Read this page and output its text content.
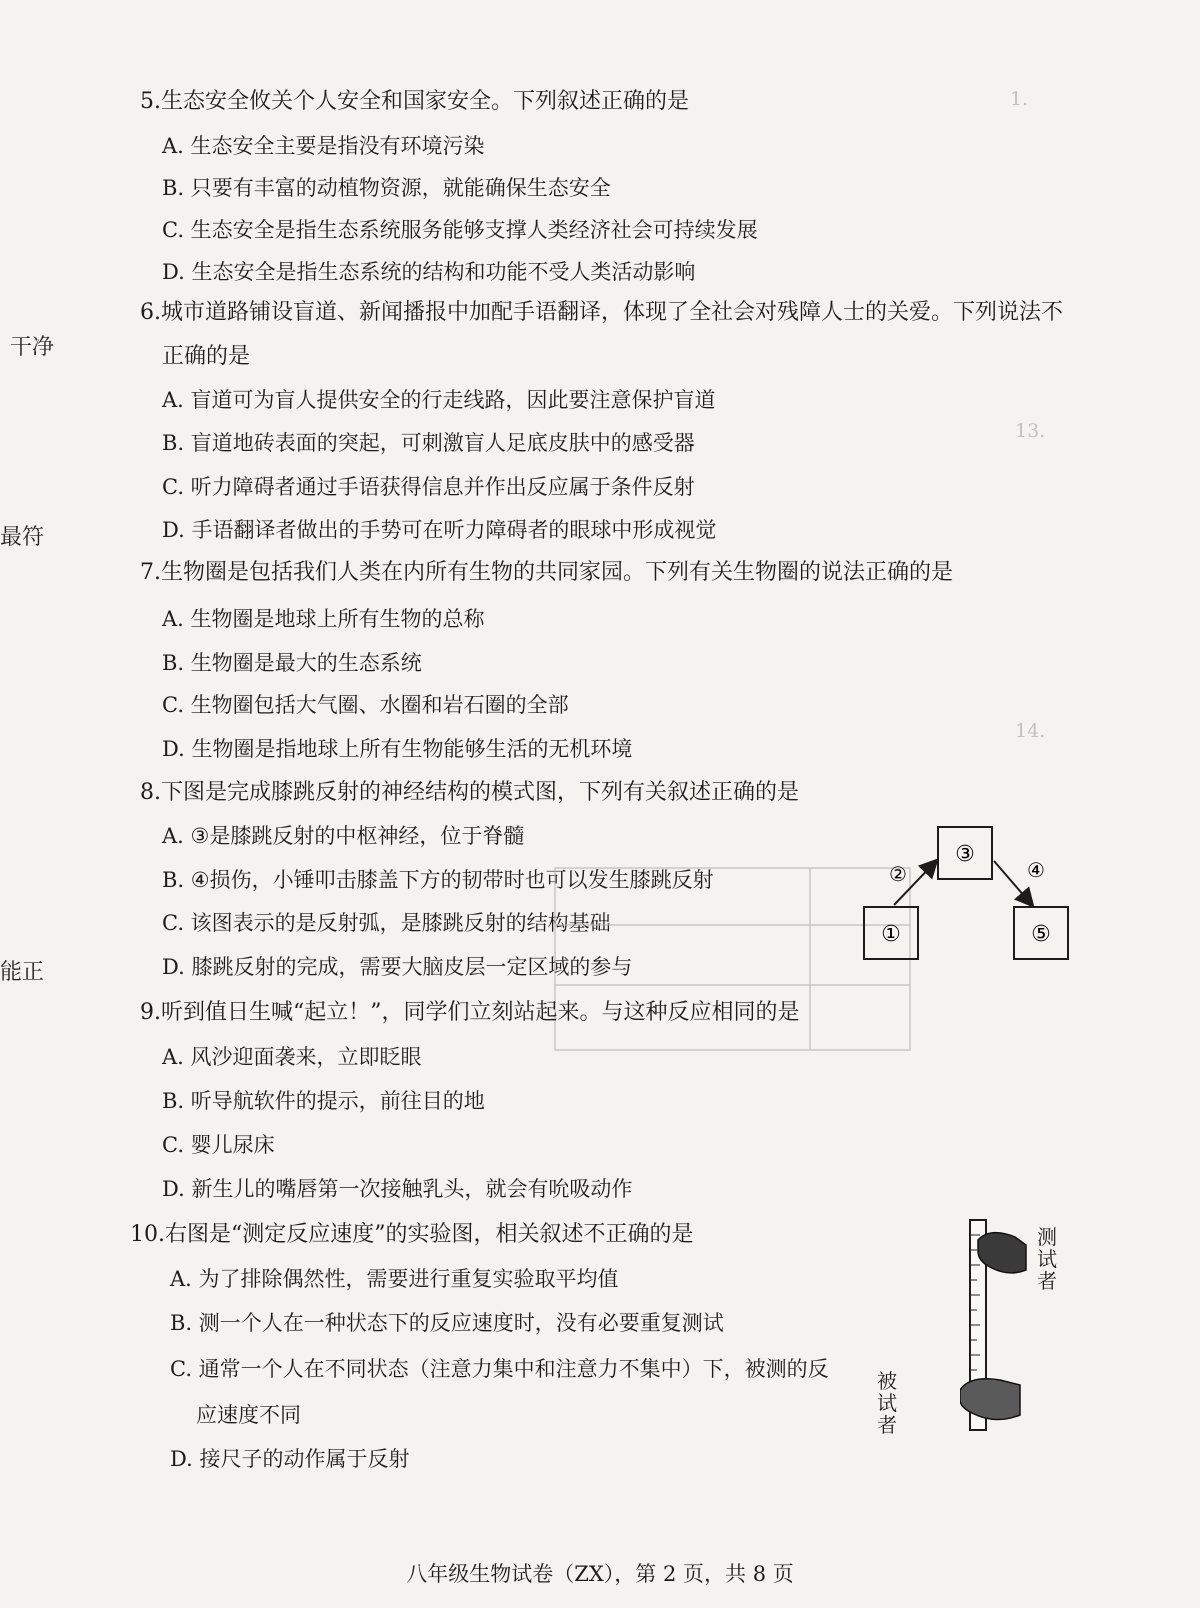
1.
13.
14.
干净
最符
能正
5.生态安全攸关个人安全和国家安全。下列叙述正确的是
A. 生态安全主要是指没有环境污染
B. 只要有丰富的动植物资源，就能确保生态安全
C. 生态安全是指生态系统服务能够支撑人类经济社会可持续发展
D. 生态安全是指生态系统的结构和功能不受人类活动影响
6.城市道路铺设盲道、新闻播报中加配手语翻译，体现了全社会对残障人士的关爱。下列说法不
正确的是
A. 盲道可为盲人提供安全的行走线路，因此要注意保护盲道
B. 盲道地砖表面的突起，可刺激盲人足底皮肤中的感受器
C. 听力障碍者通过手语获得信息并作出反应属于条件反射
D. 手语翻译者做出的手势可在听力障碍者的眼球中形成视觉
7.生物圈是包括我们人类在内所有生物的共同家园。下列有关生物圈的说法正确的是
A. 生物圈是地球上所有生物的总称
B. 生物圈是最大的生态系统
C. 生物圈包括大气圈、水圈和岩石圈的全部
D. 生物圈是指地球上所有生物能够生活的无机环境
8.下图是完成膝跳反射的神经结构的模式图，下列有关叙述正确的是
A. ③是膝跳反射的中枢神经，位于脊髓
B. ④损伤，小锤叩击膝盖下方的韧带时也可以发生膝跳反射
C. 该图表示的是反射弧，是膝跳反射的结构基础
D. 膝跳反射的完成，需要大脑皮层一定区域的参与
③
①	⑤
②	④
9.听到值日生喊“起立！”，同学们立刻站起来。与这种反应相同的是
A. 风沙迎面袭来，立即眨眼
B. 听导航软件的提示，前往目的地
C. 婴儿尿床
D. 新生儿的嘴唇第一次接触乳头，就会有吮吸动作
10.右图是“测定反应速度”的实验图，相关叙述不正确的是
A. 为了排除偶然性，需要进行重复实验取平均值
B. 测一个人在一种状态下的反应速度时，没有必要重复测试
C. 通常一个人在不同状态（注意力集中和注意力不集中）下，被测的反
应速度不同
D. 接尺子的动作属于反射
测
试
者
被
试
者
八年级生物试卷（ZX），第 2 页，共 8 页
